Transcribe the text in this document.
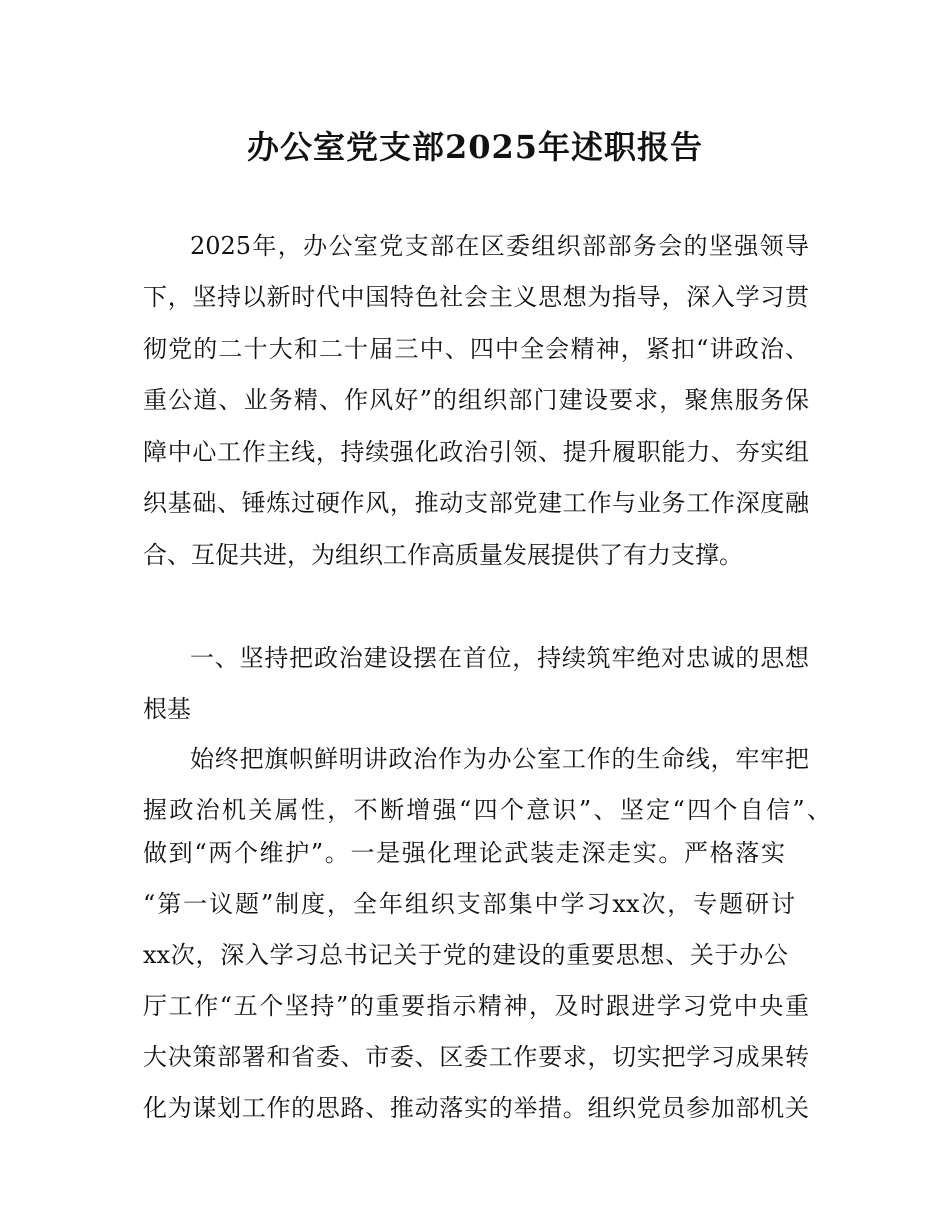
办公室党支部2025年述职报告
2025年，办公室党支部在区委组织部部务会的坚强领导
下，坚持以新时代中国特色社会主义思想为指导，深入学习贯
彻党的二十大和二十届三中、四中全会精神，紧扣“讲政治、
重公道、业务精、作风好”的组织部门建设要求，聚焦服务保
障中心工作主线，持续强化政治引领、提升履职能力、夯实组
织基础、锤炼过硬作风，推动支部党建工作与业务工作深度融
合、互促共进，为组织工作高质量发展提供了有力支撑。
一、坚持把政治建设摆在首位，持续筑牢绝对忠诚的思想
根基
始终把旗帜鲜明讲政治作为办公室工作的生命线，牢牢把
握政治机关属性，不断增强“四个意识”、坚定“四个自信”、
做到“两个维护”。一是强化理论武装走深走实。严格落实
“第一议题”制度，全年组织支部集中学习xx次，专题研讨
xx次，深入学习总书记关于党的建设的重要思想、关于办公
厅工作“五个坚持”的重要指示精神，及时跟进学习党中央重
大决策部署和省委、市委、区委工作要求，切实把学习成果转
化为谋划工作的思路、推动落实的举措。组织党员参加部机关
